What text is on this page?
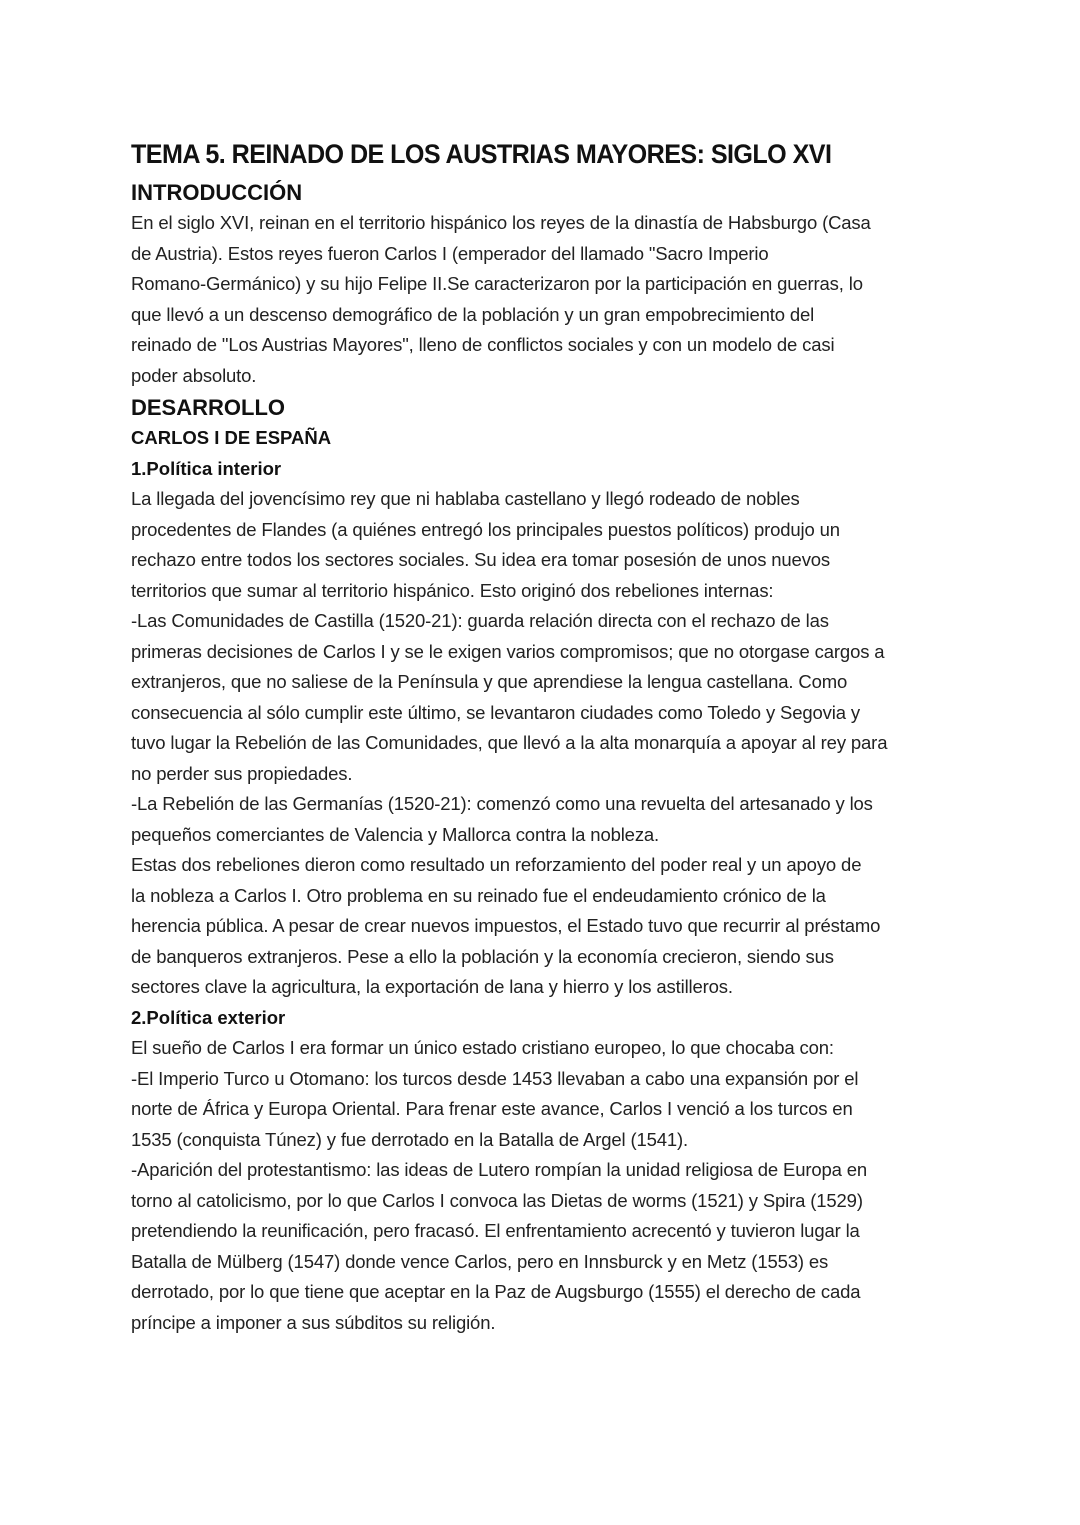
TEMA 5. REINADO DE LOS AUSTRIAS MAYORES: SIGLO XVI
INTRODUCCIÓN
En el siglo XVI, reinan en el territorio hispánico los reyes de la dinastía de Habsburgo (Casa
de Austria). Estos reyes fueron Carlos I (emperador del llamado "Sacro Imperio
Romano-Germánico) y su hijo Felipe II.Se caracterizaron por la participación en guerras, lo
que llevó a un descenso demográfico de la población y un gran empobrecimiento del
reinado de "Los Austrias Mayores", lleno de conflictos sociales y con un modelo de casi
poder absoluto.
DESARROLLO
CARLOS I DE ESPAÑA
1.Política interior
La llegada del jovencísimo rey que ni hablaba castellano y llegó rodeado de nobles
procedentes de Flandes (a quiénes entregó los principales puestos políticos) produjo un
rechazo entre todos los sectores sociales. Su idea era tomar posesión de unos nuevos
territorios que sumar al territorio hispánico. Esto originó dos rebeliones internas:
-Las Comunidades de Castilla (1520-21): guarda relación directa con el rechazo de las
primeras decisiones de Carlos I y se le exigen varios compromisos; que no otorgase cargos a
extranjeros, que no saliese de la Península y que aprendiese la lengua castellana. Como
consecuencia al sólo cumplir este último, se levantaron ciudades como Toledo y Segovia y
tuvo lugar la Rebelión de las Comunidades, que llevó a la alta monarquía a apoyar al rey para
no perder sus propiedades.
-La Rebelión de las Germanías (1520-21): comenzó como una revuelta del artesanado y los
pequeños comerciantes de Valencia y Mallorca contra la nobleza.
Estas dos rebeliones dieron como resultado un reforzamiento del poder real y un apoyo de
la nobleza a Carlos I. Otro problema en su reinado fue el endeudamiento crónico de la
herencia pública. A pesar de crear nuevos impuestos, el Estado tuvo que recurrir al préstamo
de banqueros extranjeros. Pese a ello la población y la economía crecieron, siendo sus
sectores clave la agricultura, la exportación de lana y hierro y los astilleros.
2.Política exterior
El sueño de Carlos I era formar un único estado cristiano europeo, lo que chocaba con:
-El Imperio Turco u Otomano: los turcos desde 1453 llevaban a cabo una expansión por el
norte de África y Europa Oriental. Para frenar este avance, Carlos I venció a los turcos en
1535 (conquista Túnez) y fue derrotado en la Batalla de Argel (1541).
-Aparición del protestantismo: las ideas de Lutero rompían la unidad religiosa de Europa en
torno al catolicismo, por lo que Carlos I convoca las Dietas de worms (1521) y Spira (1529)
pretendiendo la reunificación, pero fracasó. El enfrentamiento acrecentó y tuvieron lugar la
Batalla de Mülberg (1547) donde vence Carlos, pero en Innsburck y en Metz (1553) es
derrotado, por lo que tiene que aceptar en la Paz de Augsburgo (1555) el derecho de cada
príncipe a imponer a sus súbditos su religión.
